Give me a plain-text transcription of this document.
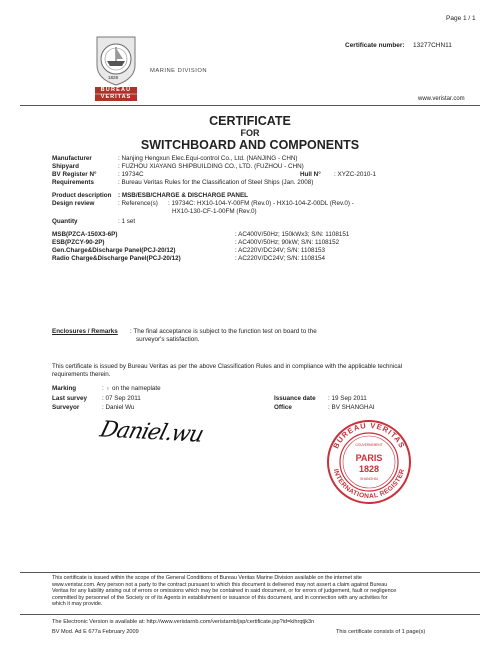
Page 1 / 1
Certificate number: 13277CHN11
1828
BUREAU
VERITAS
MARINE DIVISION
www.veristar.com
CERTIFICATE
FOR
SWITCHBOARD AND COMPONENTS
Manufacturer	: Nanjing Hengxun Elec.Equi-control Co., Ltd. (NANJING - CHN)
Shipyard	: FUZHOU XIAYANG SHIPBUILDING CO., LTD. (FUZHOU - CHN)
BV Register N°	: 19734C	Hull N° : XYZC-2010-1
Requirements	: Bureau Veritas Rules for the Classification of Steel Ships (Jan. 2008)
Product description : MSB/ESB/CHARGE & DISCHARGE PANEL
Design review	: Reference(s) : 19734C: HX10-104-Y-00FM (Rev.0) - HX10-104-Z-00DL (Rev.0) -
HX10-130-CF-1-00FM (Rev.0)
Quantity	: 1 set
MSB(PZCA-150X3-6P)	: AC400V/50Hz; 150kWx3; S/N: 1108151
ESB(PZCY-90-2P)	: AC400V/50Hz; 90kW; S/N: 1108152
Gen.Charge&Discharge Panel(PCJ-20/12)	: AC220V/DC24V; S/N: 1108153
Radio Charge&Discharge Panel(PCJ-20/12)	: AC220V/DC24V; S/N: 1108154
Enclosures / Remarks : The final acceptance is subject to the function test on board to the
surveyor's satisfaction.
This certificate is issued by Bureau Veritas as per the above Classification Rules and in compliance with the applicable technical
requirements therein.
Marking	: ♁ on the nameplate
Last survey : 07 Sep 2011	Issuance date : 19 Sep 2011
Surveyor	: Daniel Wu	Office	: BV SHANGHAI
Daniel.wu	BUREAU VERITAS
INTERNATIONAL REGISTER
GOUVERNEMENT
PARIS
1828
SHANGHAI
This certificate is issued within the scope of the General Conditions of Bureau Veritas Marine Division available on the internet site
www.veristar.com. Any person not a party to the contract pursuant to which this document is delivered may not assert a claim against Bureau
Veritas for any liability arising out of errors or omissions which may be contained in said document, or for errors of judgement, fault or negligence
committed by personnel of the Society or of its Agents in establishment or issuance of this document, and in connection with any activities for
which it may provide.
The Electronic Version is available at: http://www.veristarnb.com/veristarnb/jsp/certificate.jsp?id=kihrqtjk3n
BV Mod. Ad E 677a February 2009	This certificate consists of 1 page(s)
